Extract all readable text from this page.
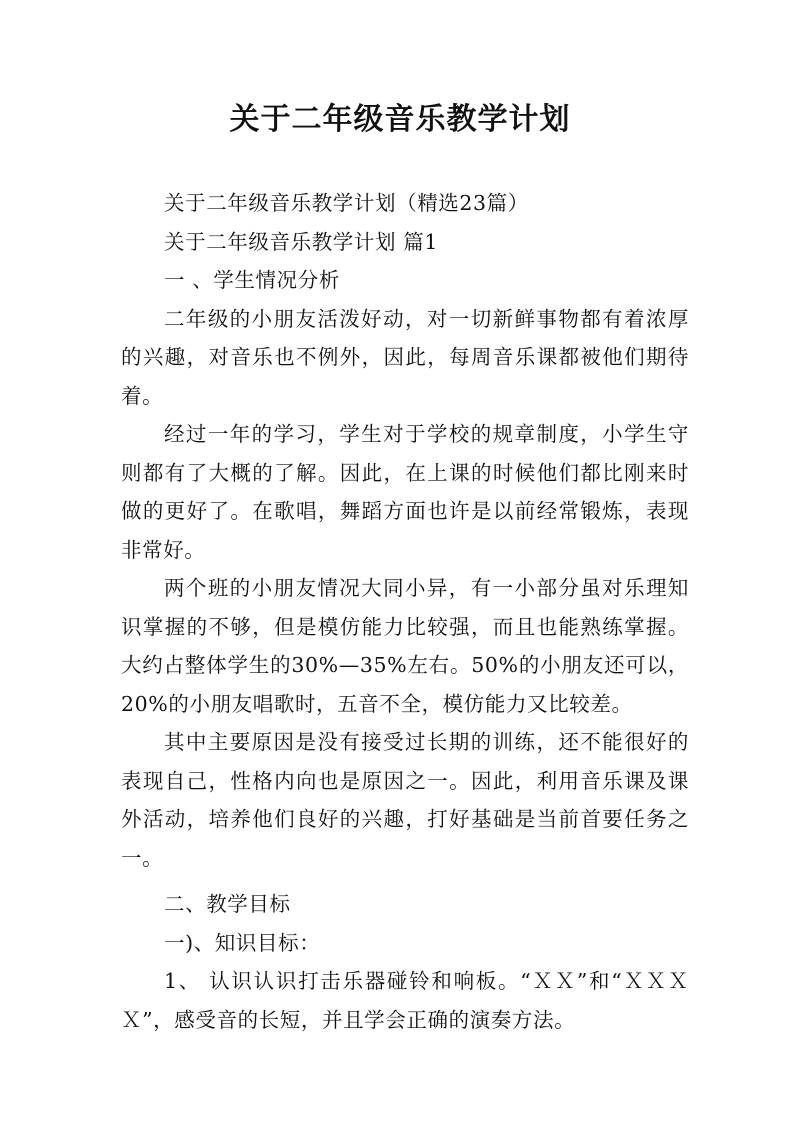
关于二年级音乐教学计划

关于二年级音乐教学计划（精选23篇）

关于二年级音乐教学计划 篇1

一 、学生情况分析

二年级的小朋友活泼好动，对一切新鲜事物都有着浓厚的兴趣，对音乐也不例外，因此，每周音乐课都被他们期待着。

经过一年的学习，学生对于学校的规章制度，小学生守则都有了大概的了解。因此，在上课的时候他们都比刚来时做的更好了。在歌唱，舞蹈方面也许是以前经常锻炼，表现非常好。

两个班的小朋友情况大同小异，有一小部分虽对乐理知识掌握的不够，但是模仿能力比较强，而且也能熟练掌握。大约占整体学生的30%—35%左右。50%的小朋友还可以，20%的小朋友唱歌时，五音不全，模仿能力又比较差。

其中主要原因是没有接受过长期的训练，还不能很好的表现自己，性格内向也是原因之一。因此，利用音乐课及课外活动，培养他们良好的兴趣，打好基础是当前首要任务之一。

二、教学目标

一)、知识目标：

1、 认识认识打击乐器碰铃和响板。“ＸＸ”和“ＸＸＸＸ”，感受音的长短，并且学会正确的演奏方法。
